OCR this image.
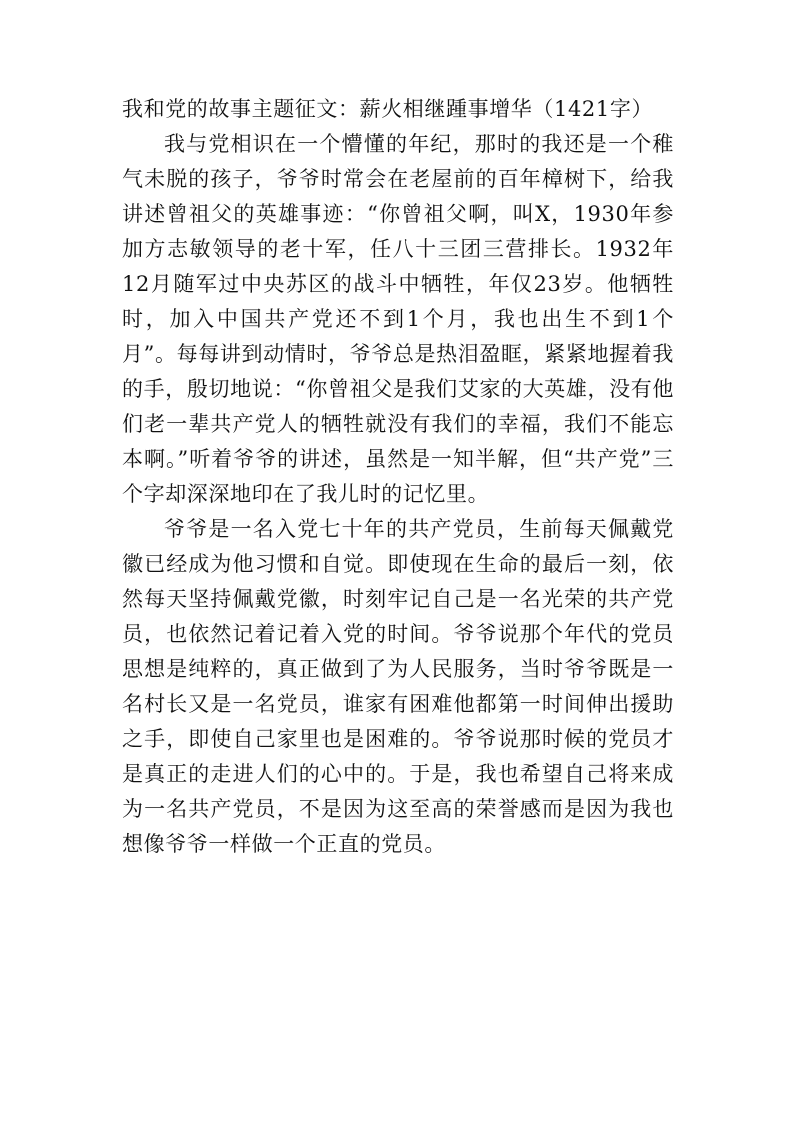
我和党的故事主题征文：薪火相继踵事增华（1421字）

我与党相识在一个懵懂的年纪，那时的我还是一个稚气未脱的孩子，爷爷时常会在老屋前的百年樟树下，给我讲述曾祖父的英雄事迹：“你曾祖父啊，叫X，1930年参加方志敏领导的老十军，任八十三团三营排长。1932年12月随军过中央苏区的战斗中牺牲，年仅23岁。他牺牲时，加入中国共产党还不到1个月，我也出生不到1个月”。每每讲到动情时，爷爷总是热泪盈眶，紧紧地握着我的手，殷切地说：“你曾祖父是我们艾家的大英雄，没有他们老一辈共产党人的牺牲就没有我们的幸福，我们不能忘本啊。”听着爷爷的讲述，虽然是一知半解，但“共产党”三个字却深深地印在了我儿时的记忆里。

爷爷是一名入党七十年的共产党员，生前每天佩戴党徽已经成为他习惯和自觉。即使现在生命的最后一刻，依然每天坚持佩戴党徽，时刻牢记自己是一名光荣的共产党员，也依然记着记着入党的时间。爷爷说那个年代的党员思想是纯粹的，真正做到了为人民服务，当时爷爷既是一名村长又是一名党员，谁家有困难他都第一时间伸出援助之手，即使自己家里也是困难的。爷爷说那时候的党员才是真正的走进人们的心中的。于是，我也希望自己将来成为一名共产党员，不是因为这至高的荣誉感而是因为我也想像爷爷一样做一个正直的党员。
